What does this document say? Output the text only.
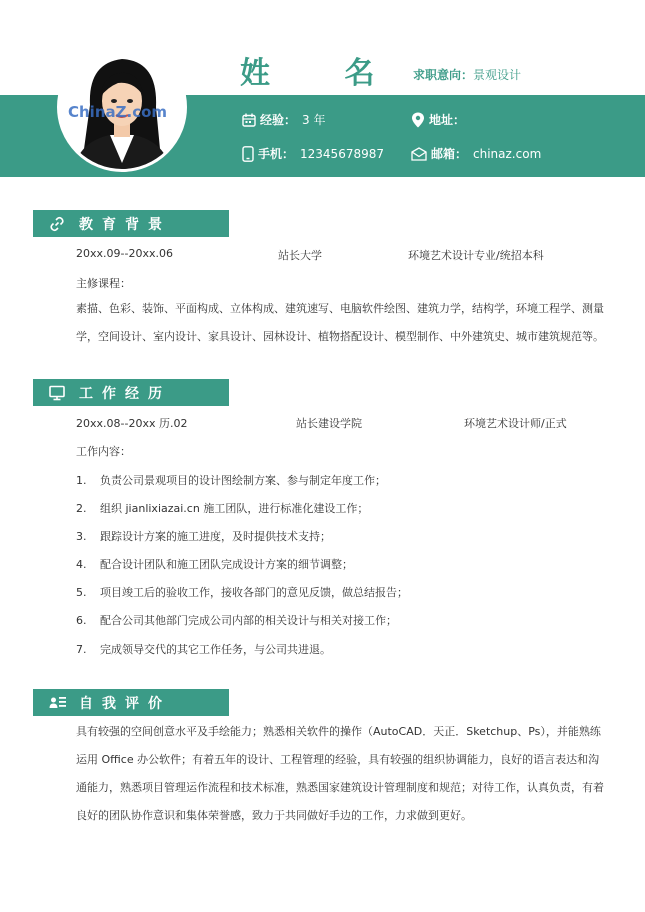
ChinaZ.com
姓 名 求职意向：景观设计
经验： 3 年	地址：
手机： 12345678987	邮箱： chinaz.com
教育背景
20xx.09--20xx.06	站长大学	环境艺术设计专业/统招本科
主修课程：
素描、色彩、装饰、平面构成、立体构成、建筑速写、电脑软件绘图、建筑力学，结构学，环境工程学、测量学，空间设计、室内设计、家具设计、园林设计、植物搭配设计、模型制作、中外建筑史、城市建筑规范等。
工作经历
20xx.08--20xx 历.02	站长建设学院	环境艺术设计师/正式
工作内容：
1. 负责公司景观项目的设计图绘制方案、参与制定年度工作；
2. 组织 jianlixiazai.cn 施工团队，进行标准化建设工作；
3. 跟踪设计方案的施工进度，及时提供技术支持；
4. 配合设计团队和施工团队完成设计方案的细节调整；
5. 项目竣工后的验收工作，接收各部门的意见反馈，做总结报告；
6. 配合公司其他部门完成公司内部的相关设计与相关对接工作；
7. 完成领导交代的其它工作任务，与公司共进退。
自我评价
具有较强的空间创意水平及手绘能力；熟悉相关软件的操作（AutoCAD．天正．Sketchup、Ps），并能熟练运用 Office 办公软件；有着五年的设计、工程管理的经验，具有较强的组织协调能力，良好的语言表达和沟通能力，熟悉项目管理运作流程和技术标准，熟悉国家建筑设计管理制度和规范；对待工作，认真负责，有着良好的团队协作意识和集体荣誉感，致力于共同做好手边的工作，力求做到更好。
